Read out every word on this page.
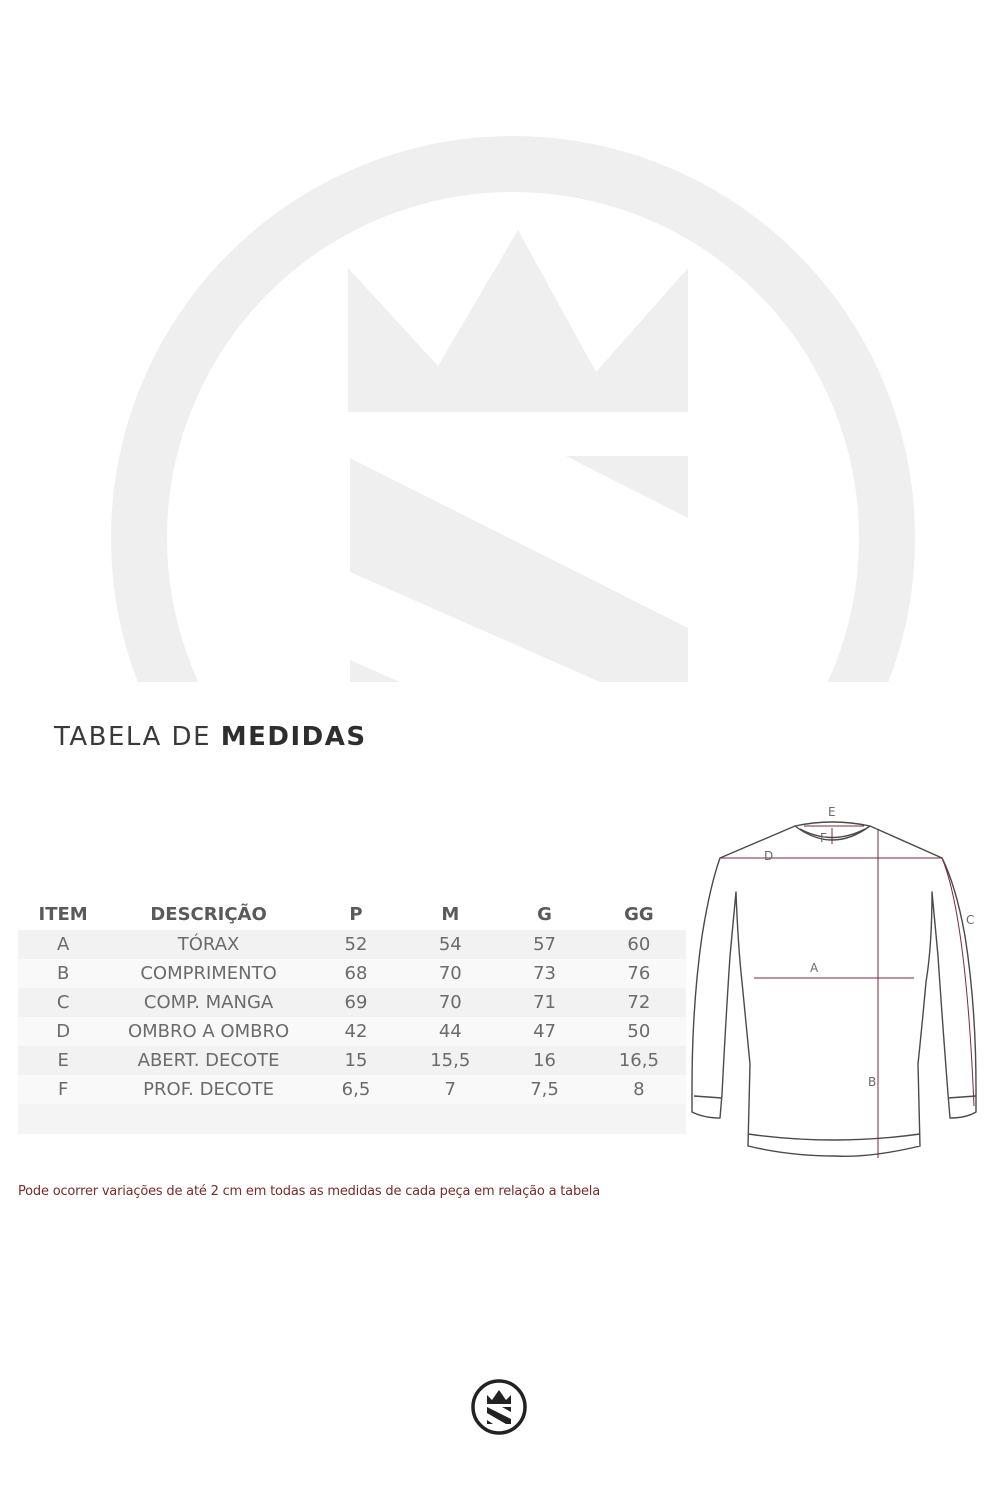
TABELA DE MEDIDAS
ITEM	DESCRIÇÃO	P	M	G	GG
A	TÓRAX	52	54	57	60
B	COMPRIMENTO	68	70	73	76
C	COMP. MANGA	69	70	71	72
D	OMBRO A OMBRO	42	44	47	50
E	ABERT. DECOTE	15	15,5	16	16,5
F	PROF. DECOTE	6,5	7	7,5	8

Pode ocorrer variações de até 2 cm em todas as medidas de cada peça em relação a tabela
E
F
D
C
A
B
